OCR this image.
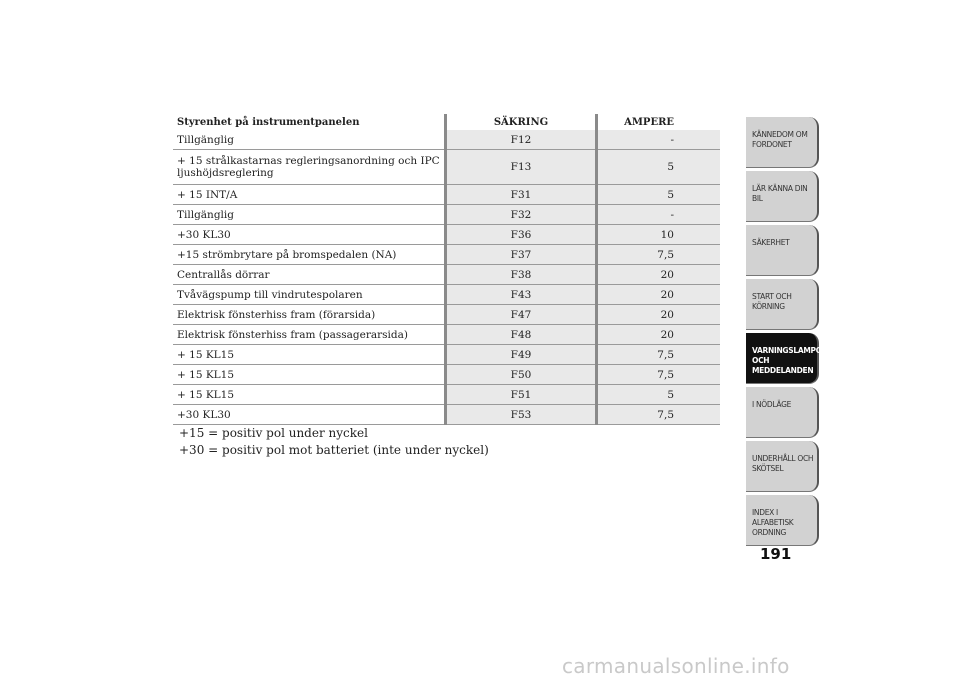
Styrenhet på instrumentpanelen	SÄKRING	AMPERE
Tillgänglig	F12	-
+ 15 strålkastarnas regleringsanordning och IPC ljushöjdsreglering	F13	5
+ 15 INT/A	F31	5
Tillgänglig	F32	-
+30 KL30	F36	10
+15 strömbrytare på bromspedalen (NA)	F37	7,5
Centrallås dörrar	F38	20
Tvåvägspump till vindrutespolaren	F43	20
Elektrisk fönsterhiss fram (förarsida)	F47	20
Elektrisk fönsterhiss fram (passagerarsida)	F48	20
+ 15 KL15	F49	7,5
+ 15 KL15	F50	7,5
+ 15 KL15	F51	5
+30 KL30	F53	7,5
+15 = positiv pol under nyckel
+30 = positiv pol mot batteriet (inte under nyckel)
KÄNNEDOM OM FORDONET
LÄR KÄNNA DIN BIL
SÄKERHET
START OCH KÖRNING
VARNINGSLAMPOR OCH MEDDELANDEN
I NÖDLÄGE
UNDERHÅLL OCH SKÖTSEL
INDEX I ALFABETISK ORDNING
191
carmanualsonline.info
